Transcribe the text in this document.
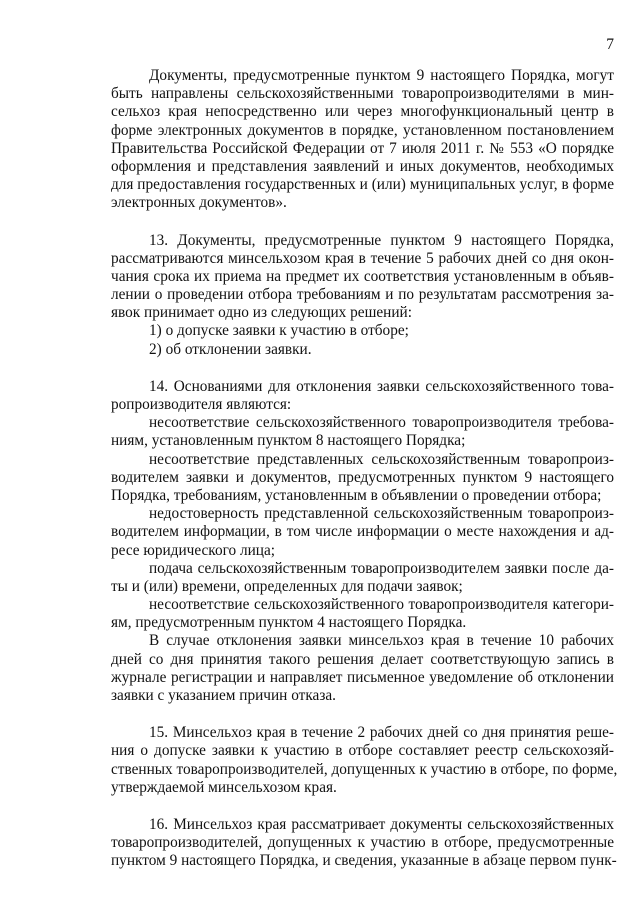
7
Документы, предусмотренные пунктом 9 настоящего Порядка, могут
быть направлены сельскохозяйственными товаропроизводителями в мин-
сельхоз края непосредственно или через многофункциональный центр в
форме электронных документов в порядке, установленном постановлением
Правительства Российской Федерации от 7 июля 2011 г. № 553 «О порядке
оформления и представления заявлений и иных документов, необходимых
для предоставления государственных и (или) муниципальных услуг, в форме
электронных документов».
13. Документы, предусмотренные пунктом 9 настоящего Порядка,
рассматриваются минсельхозом края в течение 5 рабочих дней со дня окон-
чания срока их приема на предмет их соответствия установленным в объяв-
лении о проведении отбора требованиям и по результатам рассмотрения за-
явок принимает одно из следующих решений:
1) о допуске заявки к участию в отборе;
2) об отклонении заявки.
14. Основаниями для отклонения заявки сельскохозяйственного това-
ропроизводителя являются:
несоответствие сельскохозяйственного товаропроизводителя требова-
ниям, установленным пунктом 8 настоящего Порядка;
несоответствие представленных сельскохозяйственным товаропроиз-
водителем заявки и документов, предусмотренных пунктом 9 настоящего
Порядка, требованиям, установленным в объявлении о проведении отбора;
недостоверность представленной сельскохозяйственным товаропроиз-
водителем информации, в том числе информации о месте нахождения и ад-
ресе юридического лица;
подача сельскохозяйственным товаропроизводителем заявки после да-
ты и (или) времени, определенных для подачи заявок;
несоответствие сельскохозяйственного товаропроизводителя категори-
ям, предусмотренным пунктом 4 настоящего Порядка.
В случае отклонения заявки минсельхоз края в течение 10 рабочих
дней со дня принятия такого решения делает соответствующую запись в
журнале регистрации и направляет письменное уведомление об отклонении
заявки с указанием причин отказа.
15. Минсельхоз края в течение 2 рабочих дней со дня принятия реше-
ния о допуске заявки к участию в отборе составляет реестр сельскохозяй-
ственных товаропроизводителей, допущенных к участию в отборе, по форме,
утверждаемой минсельхозом края.
16. Минсельхоз края рассматривает документы сельскохозяйственных
товаропроизводителей, допущенных к участию в отборе, предусмотренные
пунктом 9 настоящего Порядка, и сведения, указанные в абзаце первом пунк-
